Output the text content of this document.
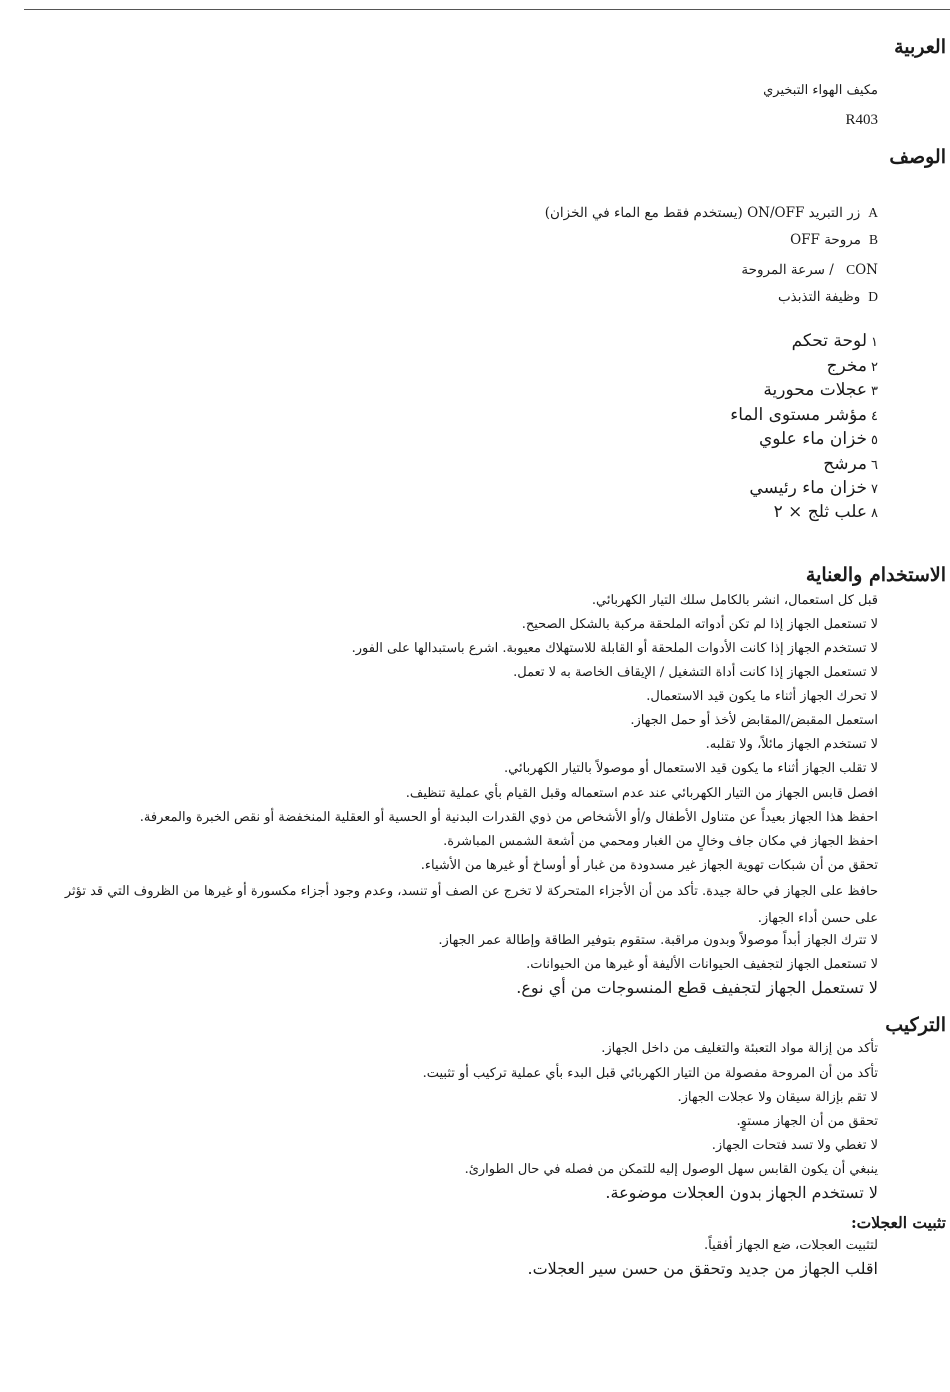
العربية
مكيف الهواء التبخيري
R403
الوصف
Aزر التبريد ON/OFF (يستخدم فقط مع الماء في الخزان)
Bمروحة OFF
CON / سرعة المروحة
Dوظيفة التذبذب
١لوحة تحكم
٢مخرج
٣عجلات محورية
٤مؤشر مستوى الماء
٥خزان ماء علوي
٦مرشح
٧خزان ماء رئيسي
٨علب ثلج × ٢
الاستخدام والعناية
قبل كل استعمال، انشر بالكامل سلك التيار الكهربائي.
لا تستعمل الجهاز إذا لم تكن أدواته الملحقة مركبة بالشكل الصحيح.
لا تستخدم الجهاز إذا كانت الأدوات الملحقة أو القابلة للاستهلاك معيوبة. اشرع باستبدالها على الفور.
لا تستعمل الجهاز إذا كانت أداة التشغيل / الإيقاف الخاصة به لا تعمل.
لا تحرك الجهاز أثناء ما يكون قيد الاستعمال.
استعمل المقبض/المقابض لأخذ أو حمل الجهاز.
لا تستخدم الجهاز مائلاً، ولا تقلبه.
لا تقلب الجهاز أثناء ما يكون قيد الاستعمال أو موصولاً بالتيار الكهربائي.
افصل قابس الجهاز من التيار الكهربائي عند عدم استعماله وقبل القيام بأي عملية تنظيف.
احفظ هذا الجهاز بعيداً عن متناول الأطفال و/أو الأشخاص من ذوي القدرات البدنية أو الحسية أو العقلية المنخفضة أو نقص الخبرة والمعرفة.
احفظ الجهاز في مكان جاف وخالٍ من الغبار ومحمي من أشعة الشمس المباشرة.
تحقق من أن شبكات تهوية الجهاز غير مسدودة من غبار أو أوساخ أو غيرها من الأشياء.
حافظ على الجهاز في حالة جيدة. تأكد من أن الأجزاء المتحركة لا تخرج عن الصف أو تنسد، وعدم وجود أجزاء مكسورة أو غيرها من الظروف التي قد تؤثر على حسن أداء الجهاز.
لا تترك الجهاز أبداً موصولاً وبدون مراقبة. ستقوم بتوفير الطاقة وإطالة عمر الجهاز.
لا تستعمل الجهاز لتجفيف الحيوانات الأليفة أو غيرها من الحيوانات.
لا تستعمل الجهاز لتجفيف قطع المنسوجات من أي نوع.
التركيب
تأكد من إزالة مواد التعبئة والتغليف من داخل الجهاز.
تأكد من أن المروحة مفصولة من التيار الكهربائي قبل البدء بأي عملية تركيب أو تثبيت.
لا تقم بإزالة سيقان ولا عجلات الجهاز.
تحقق من أن الجهاز مستوٍ.
لا تغطي ولا تسد فتحات الجهاز.
ينبغي أن يكون القابس سهل الوصول إليه للتمكن من فصله في حال الطوارئ.
لا تستخدم الجهاز بدون العجلات موضوعة.
تثبيت العجلات:
لتثبيت العجلات، ضع الجهاز أفقياً.
اقلب الجهاز من جديد وتحقق من حسن سير العجلات.
